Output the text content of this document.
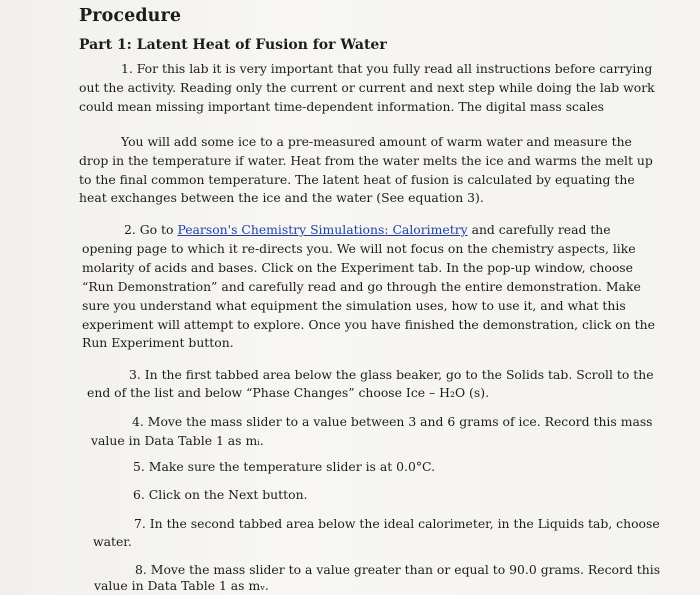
Procedure
Part 1: Latent Heat of Fusion for Water
1. For this lab it is very important that you fully read all instructions before carrying
out the activity. Reading only the current or current and next step while doing the lab work
could mean missing important time-dependent information. The digital mass scales
You will add some ice to a pre-measured amount of warm water and measure the
drop in the temperature if water. Heat from the water melts the ice and warms the melt up
to the final common temperature. The latent heat of fusion is calculated by equating the
heat exchanges between the ice and the water (See equation 3).
2. Go to Pearson's Chemistry Simulations: Calorimetry and carefully read the
opening page to which it re-directs you. We will not focus on the chemistry aspects, like
molarity of acids and bases. Click on the Experiment tab. In the pop-up window, choose
“Run Demonstration” and carefully read and go through the entire demonstration. Make
sure you understand what equipment the simulation uses, how to use it, and what this
experiment will attempt to explore. Once you have finished the demonstration, click on the
Run Experiment button.
3. In the first tabbed area below the glass beaker, go to the Solids tab. Scroll to the
end of the list and below “Phase Changes” choose Ice – H₂O (s).
4. Move the mass slider to a value between 3 and 6 grams of ice. Record this mass
value in Data Table 1 as mᵢ.
5. Make sure the temperature slider is at 0.0°C.
6. Click on the Next button.
7. In the second tabbed area below the ideal calorimeter, in the Liquids tab, choose
water.
8. Move the mass slider to a value greater than or equal to 90.0 grams. Record this
value in Data Table 1 as mᵥ.
